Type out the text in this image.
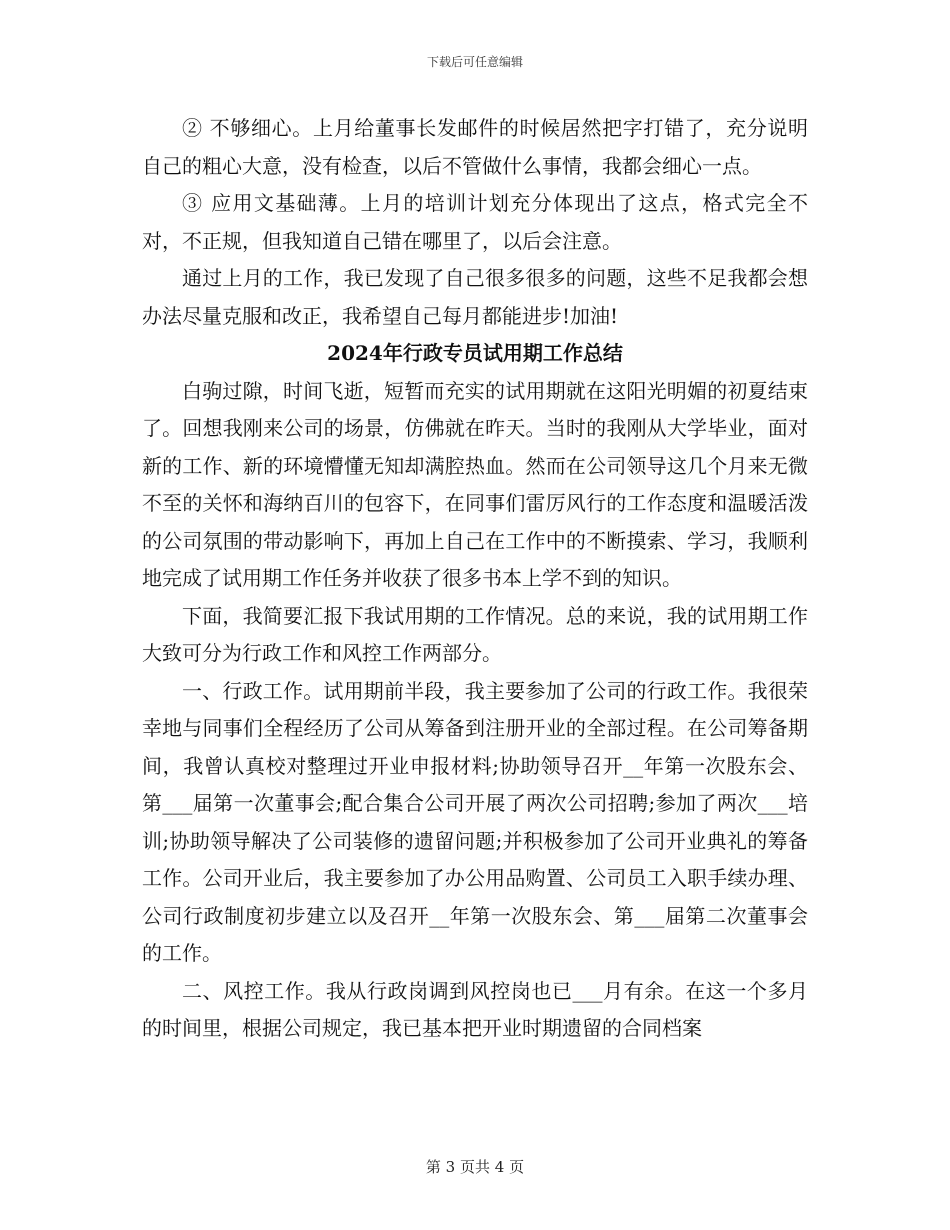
下载后可任意编辑

② 不够细心。上月给董事长发邮件的时候居然把字打错了，充分说明自己的粗心大意，没有检查，以后不管做什么事情，我都会细心一点。

③ 应用文基础薄。上月的培训计划充分体现出了这点，格式完全不对，不正规，但我知道自己错在哪里了，以后会注意。

通过上月的工作，我已发现了自己很多很多的问题，这些不足我都会想办法尽量克服和改正，我希望自己每月都能进步!加油!

2024年行政专员试用期工作总结

白驹过隙，时间飞逝，短暂而充实的试用期就在这阳光明媚的初夏结束了。回想我刚来公司的场景，仿佛就在昨天。当时的我刚从大学毕业，面对新的工作、新的环境懵懂无知却满腔热血。然而在公司领导这几个月来无微不至的关怀和海纳百川的包容下，在同事们雷厉风行的工作态度和温暖活泼的公司氛围的带动影响下，再加上自己在工作中的不断摸索、学习，我顺利地完成了试用期工作任务并收获了很多书本上学不到的知识。

下面，我简要汇报下我试用期的工作情况。总的来说，我的试用期工作大致可分为行政工作和风控工作两部分。

一、行政工作。试用期前半段，我主要参加了公司的行政工作。我很荣幸地与同事们全程经历了公司从筹备到注册开业的全部过程。在公司筹备期间，我曾认真校对整理过开业申报材料;协助领导召开__年第一次股东会、第___届第一次董事会;配合集合公司开展了两次公司招聘;参加了两次___培训;协助领导解决了公司装修的遗留问题;并积极参加了公司开业典礼的筹备工作。公司开业后，我主要参加了办公用品购置、公司员工入职手续办理、公司行政制度初步建立以及召开__年第一次股东会、第___届第二次董事会的工作。

二、风控工作。我从行政岗调到风控岗也已___月有余。在这一个多月的时间里，根据公司规定，我已基本把开业时期遗留的合同档案

第 3 页共 4 页
